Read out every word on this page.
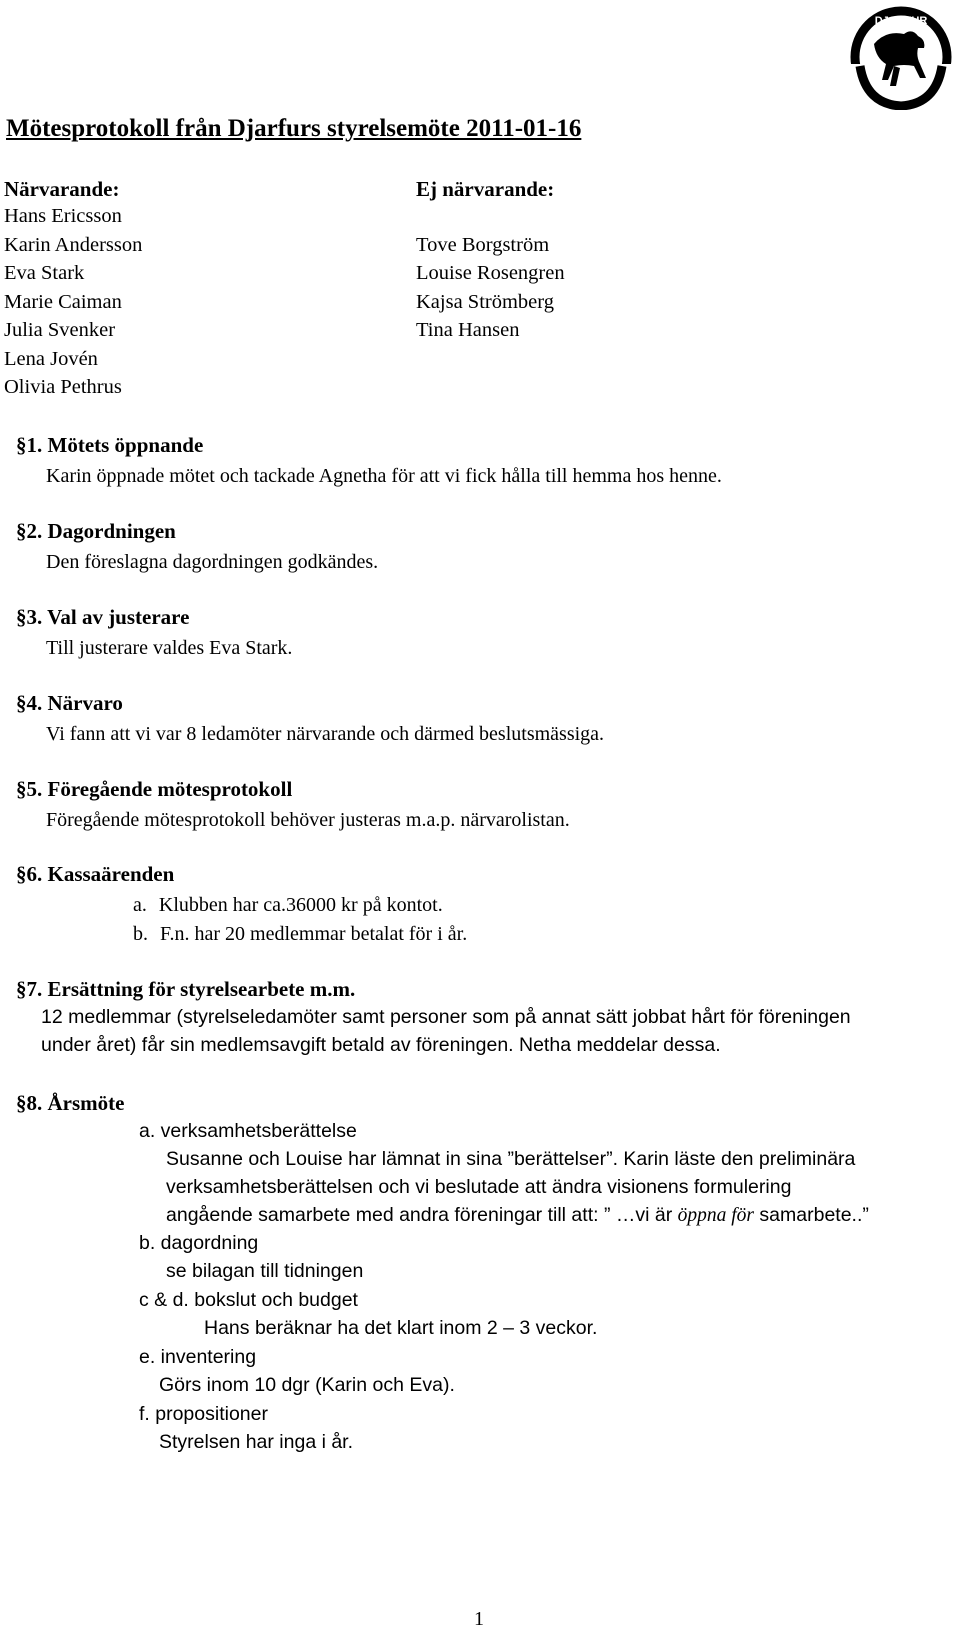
DJARFUR
Mötesprotokoll från Djarfurs styrelsemöte 2011-01-16
Närvarande:
Hans Ericsson
Karin Andersson
Eva Stark
Marie Caiman
Julia Svenker
Lena Jovén
Olivia Pethrus
Ej närvarande:
Tove Borgström
Louise Rosengren
Kajsa Strömberg
Tina Hansen
§1. Mötets öppnande
Karin öppnade mötet och tackade Agnetha för att vi fick hålla till hemma hos henne.
§2. Dagordningen
Den föreslagna dagordningen godkändes.
§3. Val av justerare
Till justerare valdes Eva Stark.
§4. Närvaro
Vi fann att vi var 8 ledamöter närvarande och därmed beslutsmässiga.
§5. Föregående mötesprotokoll
Föregående mötesprotokoll behöver justeras m.a.p. närvarolistan.
§6. Kassaärenden
a. Klubben har ca.36000 kr på kontot.
b. F.n. har 20 medlemmar betalat för i år.
§7. Ersättning för styrelsearbete m.m.
12 medlemmar (styrelseledamöter samt personer som på annat sätt jobbat hårt för föreningen
under året) får sin medlemsavgift betald av föreningen. Netha meddelar dessa.
§8. Årsmöte
a. verksamhetsberättelse
Susanne och Louise har lämnat in sina ”berättelser”. Karin läste den preliminära
verksamhetsberättelsen och vi beslutade att ändra visionens formulering
angående samarbete med andra föreningar till att: ” …vi är öppna för samarbete..”
b. dagordning
se bilagan till tidningen
c & d. bokslut och budget
Hans beräknar ha det klart inom 2 – 3 veckor.
e. inventering
Görs inom 10 dgr (Karin och Eva).
f. propositioner
Styrelsen har inga i år.
1
